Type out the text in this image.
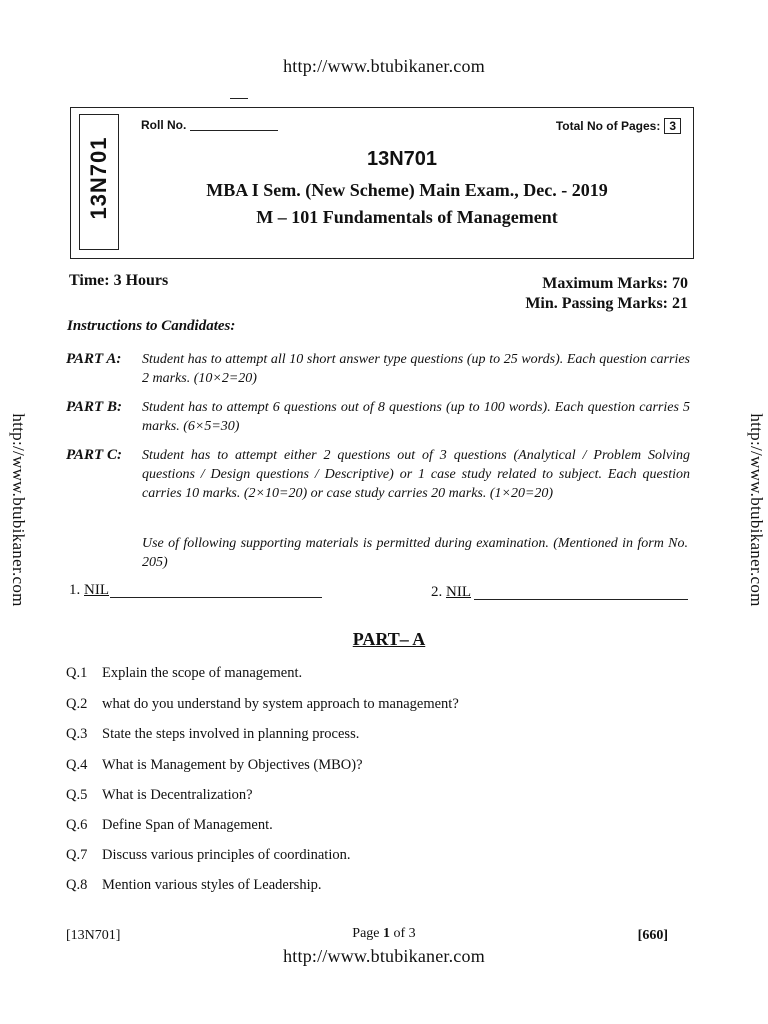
http://www.btubikaner.com
http://www.btubikaner.com	http://www.btubikaner.com
13N701
Roll No.	Total No of Pages: 3
13N701
MBA I Sem. (New Scheme) Main Exam., Dec. - 2019
M – 101 Fundamentals of Management
Time: 3 Hours	Maximum Marks: 70
Min. Passing Marks: 21
Instructions to Candidates:
PART A: Student has to attempt all 10 short answer type questions (up to 25 words). Each question carries 2 marks. (10×2=20)
PART B: Student has to attempt 6 questions out of 8 questions (up to 100 words). Each question carries 5 marks. (6×5=30)
PART C: Student has to attempt either 2 questions out of 3 questions (Analytical / Problem Solving questions / Design questions / Descriptive) or 1 case study related to subject. Each question carries 10 marks. (2×10=20) or case study carries 20 marks. (1×20=20)
Use of following supporting materials is permitted during examination. (Mentioned in form No. 205)
1. NIL	2. NIL
PART– A
Q.1 Explain the scope of management.
Q.2 what do you understand by system approach to management?
Q.3 State the steps involved in planning process.
Q.4 What is Management by Objectives (MBO)?
Q.5 What is Decentralization?
Q.6 Define Span of Management.
Q.7 Discuss various principles of coordination.
Q.8 Mention various styles of Leadership.
[13N701]	Page 1 of 3	[660]
http://www.btubikaner.com
